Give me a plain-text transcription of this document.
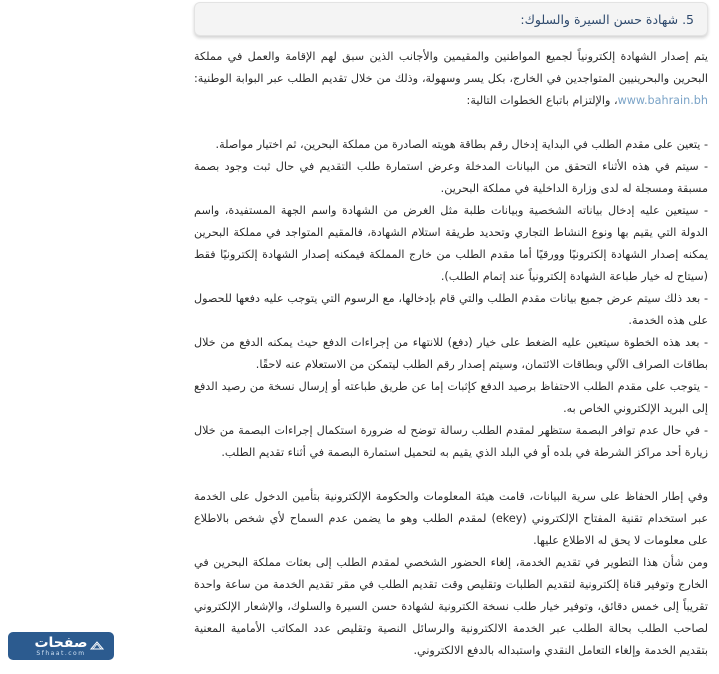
5. شهادة حسن السيرة والسلوك:

يتم إصدار الشهادة إلكترونياً لجميع المواطنين والمقيمين والأجانب الذين سبق لهم الإقامة والعمل في مملكة البحرين والبحرينيين المتواجدين في الخارج، بكل يسر وسهولة، وذلك من خلال تقديم الطلب عبر البوابة الوطنية: www.bahrain.bh، والإلتزام باتباع الخطوات التالية:

- يتعين على مقدم الطلب في البداية إدخال رقم بطاقة هويته الصادرة من مملكة البحرين، ثم اختيار مواصلة.

- سيتم في هذه الأثناء التحقق من البيانات المدخلة وعرض استمارة طلب التقديم في حال ثبت وجود بصمة مسبقة ومسجلة له لدى وزارة الداخلية في مملكة البحرين.

- سيتعين عليه إدخال بياناته الشخصية وبيانات طلبة مثل الغرض من الشهادة واسم الجهة المستفيدة، واسم الدولة التي يقيم بها ونوع النشاط التجاري وتحديد طريقة استلام الشهادة، فالمقيم المتواجد في مملكة البحرين يمكنه إصدار الشهادة إلكترونيًا وورقيًا أما مقدم الطلب من خارج المملكة فيمكنه إصدار الشهادة إلكترونيًا فقط (سيتاح له خيار طباعة الشهادة إلكترونياً عند إتمام الطلب).

- بعد ذلك سيتم عرض جميع بيانات مقدم الطلب والتي قام بإدخالها، مع الرسوم التي يتوجب عليه دفعها للحصول على هذه الخدمة.

- بعد هذه الخطوة سيتعين عليه الضغط على خيار (دفع) للانتهاء من إجراءات الدفع حيث يمكنه الدفع من خلال بطاقات الصراف الآلي وبطاقات الائتمان، وسيتم إصدار رقم الطلب ليتمكن من الاستعلام عنه لاحقًا.

- يتوجب على مقدم الطلب الاحتفاظ برصيد الدفع كإثبات إما عن طريق طباعته أو إرسال نسخة من رصيد الدفع إلى البريد الإلكتروني الخاص به.

- في حال عدم توافر البصمة ستظهر لمقدم الطلب رسالة توضح له ضرورة استكمال إجراءات البصمة من خلال زيارة أحد مراكز الشرطة في بلده أو في البلد الذي يقيم به لتحميل استمارة البصمة في أثناء تقديم الطلب.

وفي إطار الحفاظ على سرية البيانات، قامت هيئة المعلومات والحكومة الإلكترونية بتأمين الدخول على الخدمة عبر استخدام تقنية المفتاح الإلكتروني (ekey) لمقدم الطلب وهو ما يضمن عدم السماح لأي شخص بالاطلاع على معلومات لا يحق له الاطلاع عليها.

ومن شأن هذا التطوير في تقديم الخدمة، إلغاء الحضور الشخصي لمقدم الطلب إلى بعثات مملكة البحرين في الخارج وتوفير قناة إلكترونية لتقديم الطلبات وتقليص وقت تقديم الطلب في مقر تقديم الخدمة من ساعة واحدة تقريباً إلى خمس دقائق، وتوفير خيار طلب نسخة الكترونية لشهادة حسن السيرة والسلوك، والإشعار الإلكتروني لصاحب الطلب بحالة الطلب عبر الخدمة الالكترونية والرسائل النصية وتقليص عدد المكاتب الأمامية المعنية بتقديم الخدمة وإلغاء التعامل النقدي واستبداله بالدفع الالكتروني.

صفحات
Sfhaat.com
